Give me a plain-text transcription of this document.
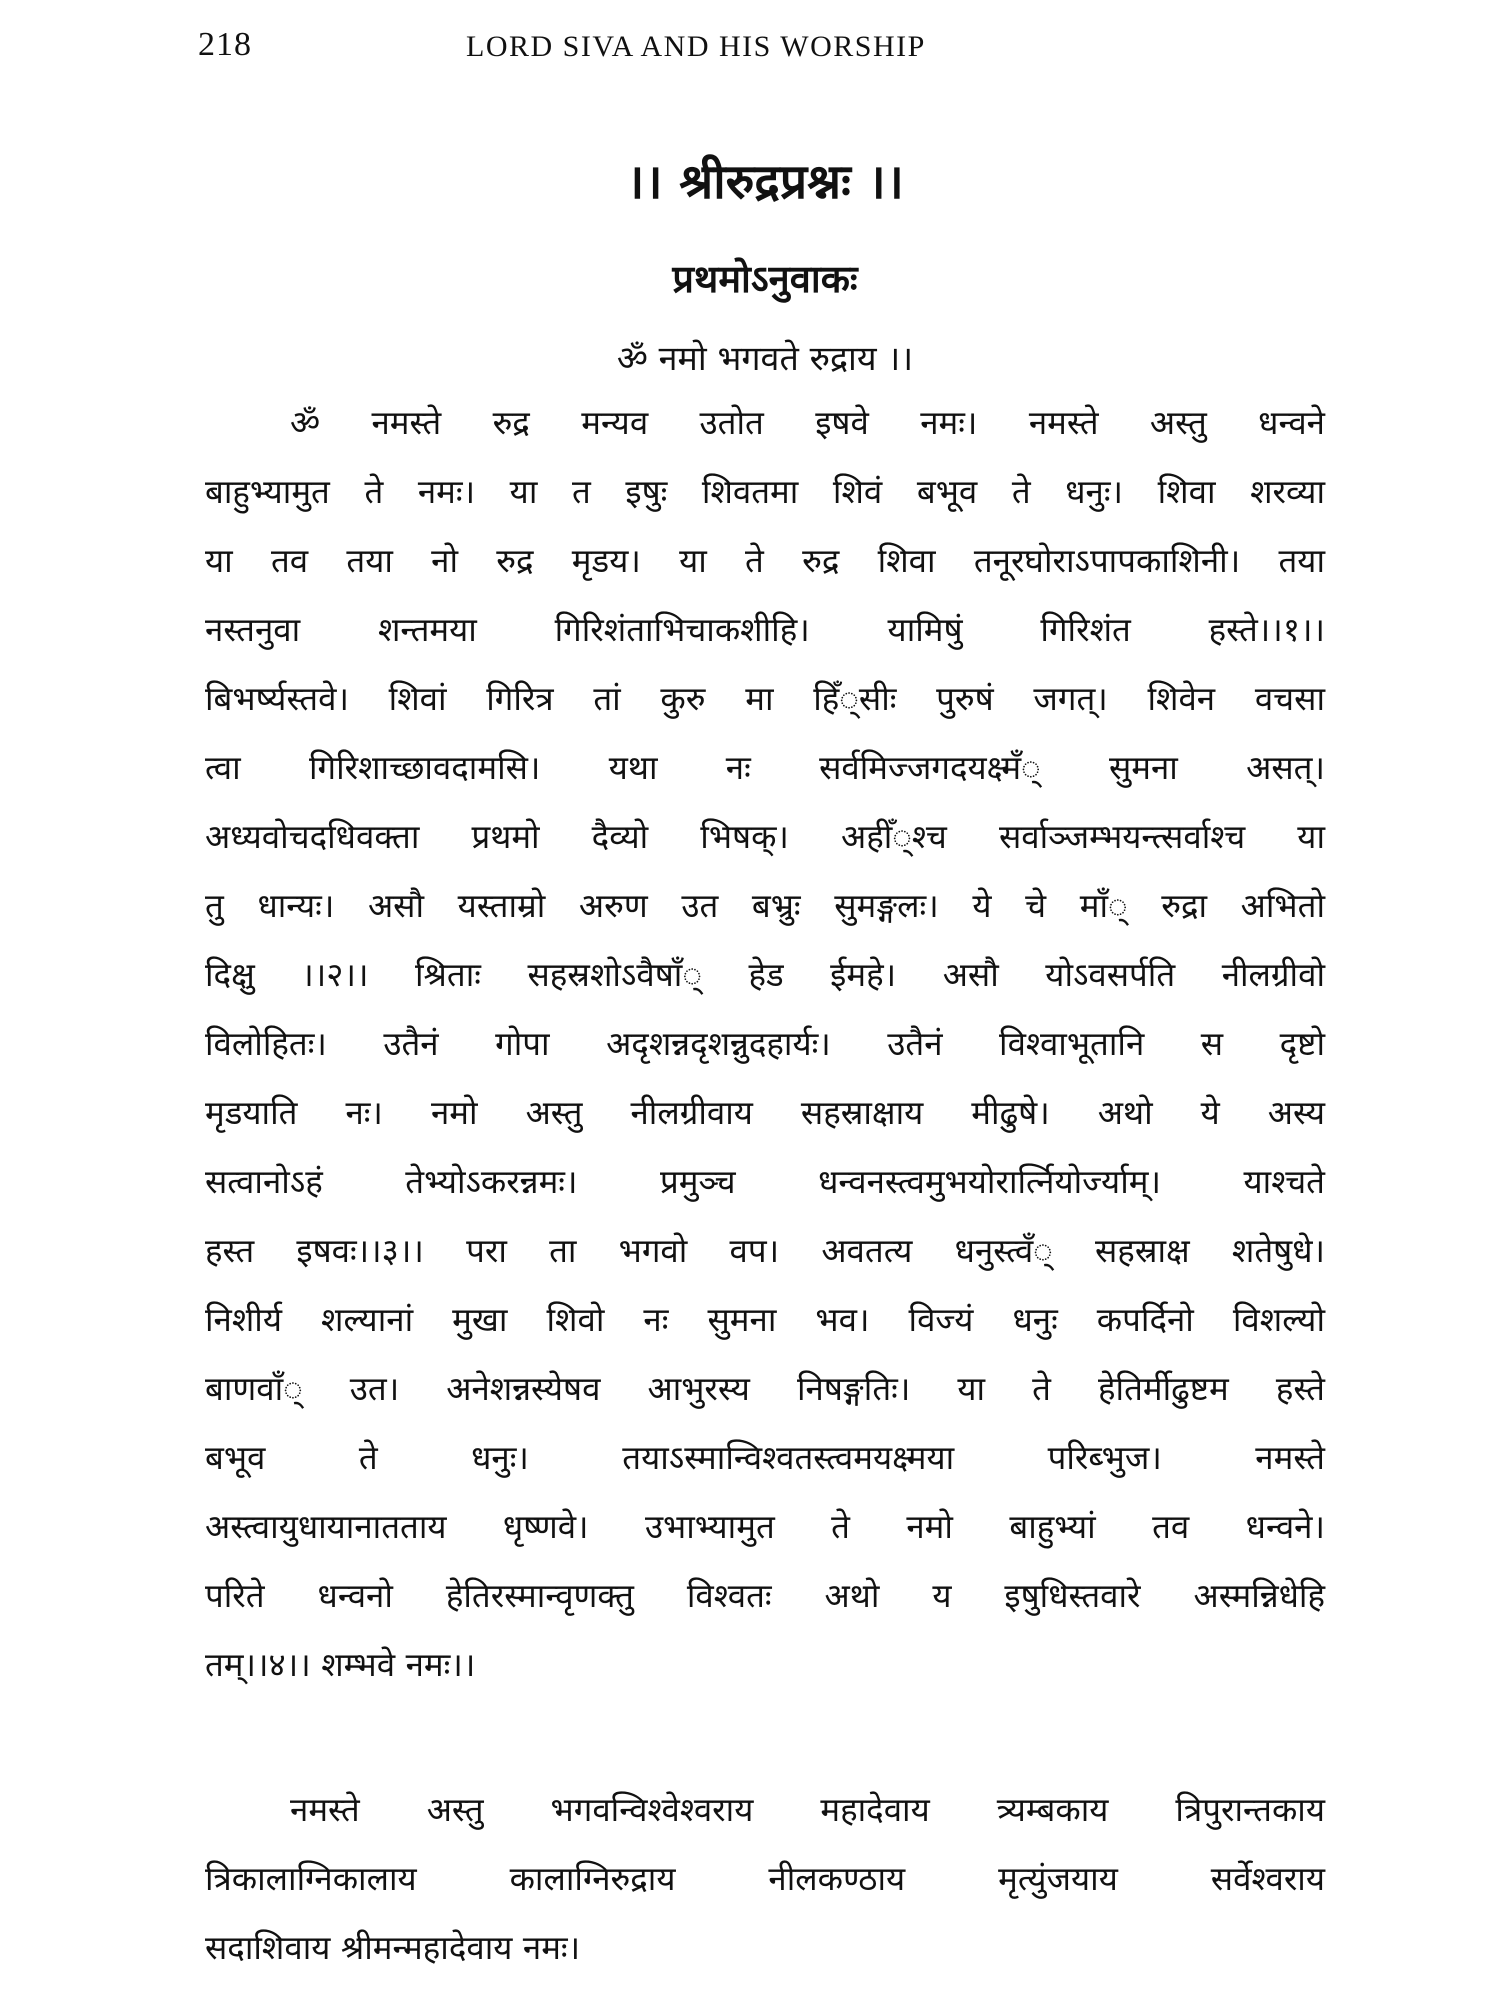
218	LORD SIVA AND HIS WORSHIP
।। श्रीरुद्रप्रश्नः ।।
प्रथमोऽनुवाकः
ॐ नमो भगवते रुद्राय ।।
ॐ नमस्ते रुद्र मन्यव उतोत इषवे नमः। नमस्ते अस्तु धन्वने
बाहुभ्यामुत ते नमः। या त इषुः शिवतमा शिवं बभूव ते धनुः। शिवा शरव्या
या तव तया नो रुद्र मृडय। या ते रुद्र शिवा तनूरघोराऽपापकाशिनी। तया
नस्तनुवा शन्तमया गिरिशंताभिचाकशीहि। यामिषुं गिरिशंत हस्ते।।१।।
बिभर्ष्यस्तवे। शिवां गिरित्र तां कुरु मा हिँ्सीः पुरुषं जगत्। शिवेन वचसा
त्वा गिरिशाच्छावदामसि। यथा नः सर्वमिज्जगदयक्ष्मँ् सुमना असत्।
अध्यवोचदधिवक्ता प्रथमो दैव्यो भिषक्। अहीँ्श्च सर्वाञ्जम्भयन्त्सर्वाश्च या
तु धान्यः। असौ यस्ताम्रो अरुण उत बभ्रुः सुमङ्गलः। ये चे माँ् रुद्रा अभितो
दिक्षु ।।२।। श्रिताः सहस्रशोऽवैषाँ् हेड ईमहे। असौ योऽवसर्पति नीलग्रीवो
विलोहितः। उतैनं गोपा अदृशन्नदृशन्नुदहार्यः। उतैनं विश्वाभूतानि स दृष्टो
मृडयाति नः। नमो अस्तु नीलग्रीवाय सहस्राक्षाय मीढुषे। अथो ये अस्य
सत्वानोऽहं तेभ्योऽकरन्नमः। प्रमुञ्च धन्वनस्त्वमुभयोरार्त्नियोर्ज्याम्। याश्चते
हस्त इषवः।।३।। परा ता भगवो वप। अवतत्य धनुस्त्वँ् सहस्राक्ष शतेषुधे।
निशीर्य शल्यानां मुखा शिवो नः सुमना भव। विज्यं धनुः कपर्दिनो विशल्यो
बाणवाँ् उत। अनेशन्नस्येषव आभुरस्य निषङ्गतिः। या ते हेतिर्मीढुष्टम हस्ते
बभूव ते धनुः। तयाऽस्मान्विश्वतस्त्वमयक्ष्मया परिब्भुज। नमस्ते
अस्त्वायुधायानातताय धृष्णवे। उभाभ्यामुत ते नमो बाहुभ्यां तव धन्वने।
परिते धन्वनो हेतिरस्मान्वृणक्तु विश्वतः अथो य इषुधिस्तवारे अस्मन्निधेहि
तम्।।४।। शम्भवे नमः।।
नमस्ते अस्तु भगवन्विश्वेश्वराय महादेवाय त्र्यम्बकाय त्रिपुरान्तकाय
त्रिकालाग्निकालाय कालाग्निरुद्राय नीलकण्ठाय मृत्युंजयाय सर्वेश्वराय
सदाशिवाय श्रीमन्महादेवाय नमः।
